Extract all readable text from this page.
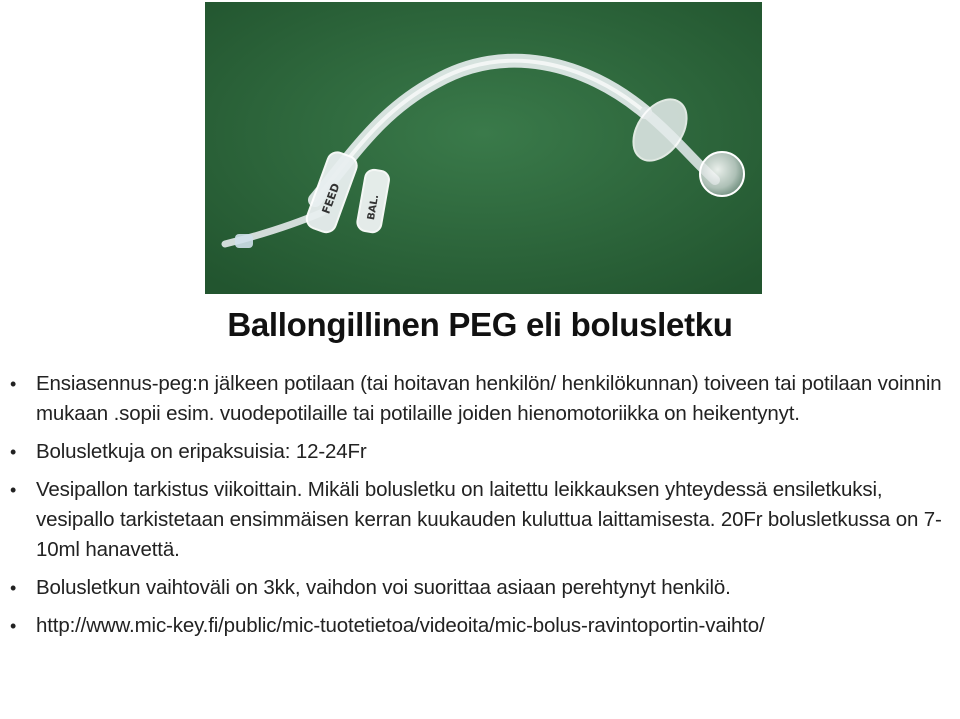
FEED BAL.
Ballongillinen PEG eli bolusletku
• Ensiasennus-peg:n jälkeen potilaan (tai hoitavan henkilön/ henkilökunnan) toiveen tai potilaan voinnin mukaan .sopii esim. vuodepotilaille tai potilaille joiden hienomotoriikka on heikentynyt.
• Bolusletkuja on eripaksuisia: 12-24Fr
• Vesipallon tarkistus viikoittain. Mikäli bolusletku on laitettu leikkauksen yhteydessä ensiletkuksi, vesipallo tarkistetaan ensimmäisen kerran kuukauden kuluttua laittamisesta. 20Fr bolusletkussa on 7-10ml hanavettä.
• Bolusletkun vaihtoväli on 3kk, vaihdon voi suorittaa asiaan perehtynyt henkilö.
• http://www.mic-key.fi/public/mic-tuotetietoa/videoita/mic-bolus-ravintoportin-vaihto/
